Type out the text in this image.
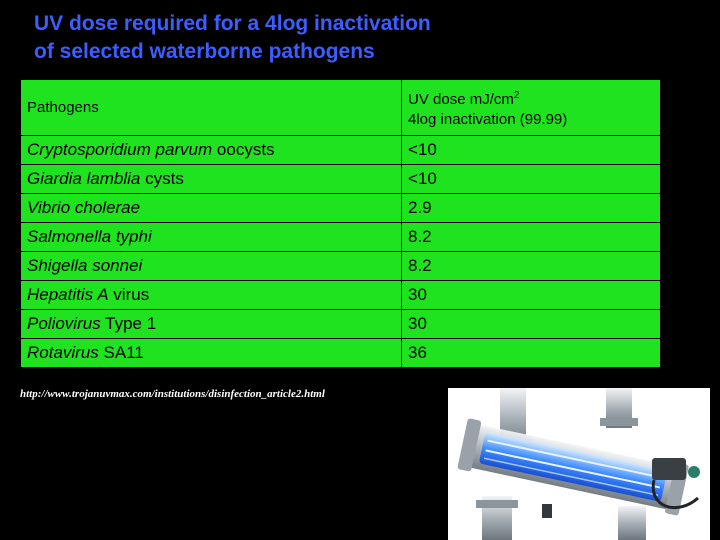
UV dose required for a 4log inactivation
of selected waterborne pathogens
Pathogens	UV dose $mJ/cm^2$
4log inactivation (99.99)

Cryptosporidium parvum oocysts	<10
Giardia lamblia cysts	<10
Vibrio cholerae	2.9
Salmonella typhi	8.2
Shigella sonnei	8.2
Hepatitis A virus	30
Poliovirus Type 1	30
Rotavirus SA11	36
http://www.trojanuvmax.com/institutions/disinfection_article2.html
